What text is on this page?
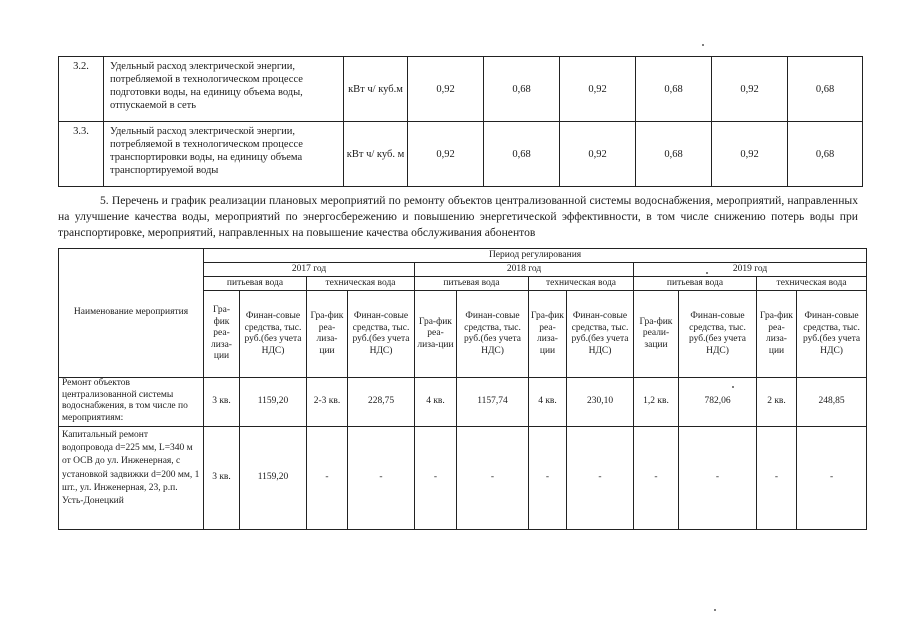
3.2.	Удельный расход электрической энергии, потребляемой в технологическом процессе подготовки воды, на единицу объема воды, отпускаемой в сеть	кВт ч/ куб.м	0,92	0,68	0,92	0,68	0,92	0,68
3.3.	Удельный расход электрической энергии, потребляемой в технологическом процессе транспортировки воды, на единицу объема транспортируемой воды	кВт ч/ куб. м	0,92	0,68	0,92	0,68	0,92	0,68

5. Перечень и график реализации плановых мероприятий по ремонту объектов централизованной системы водоснабжения, мероприятий, направленных на улучшение качества воды, мероприятий по энергосбережению и повышению энергетической эффективности, в том числе снижению потерь воды при транспортировке, мероприятий, направленных на повышение качества обслуживания абонентов

Наименование мероприятия	Период регулирования											
	2017 год				2018 год				2019 год			
	питьевая вода		техническая вода		питьевая вода		техническая вода		питьевая вода		техническая вода	
	Гра-фик реа-лиза-ции	Финан-совые средства, тыс. руб.(без учета НДС)	Гра-фик реа-лиза-ции	Финан-совые средства, тыс. руб.(без учета НДС)	Гра-фик реа-лиза-ции	Финан-совые средства, тыс. руб.(без учета НДС)	Гра-фик реа-лиза-ции	Финан-совые средства, тыс. руб.(без учета НДС)	Гра-фик реали-зации	Финан-совые средства, тыс. руб.(без учета НДС)	Гра-фик реа-лиза-ции	Финан-совые средства, тыс. руб.(без учета НДС)
Ремонт объектов централизованной системы водоснабжения, в том числе по мероприятиям:	3 кв.	1159,20	2-3 кв.	228,75	4 кв.	1157,74	4 кв.	230,10	1,2 кв.	782,06	2 кв.	248,85
Капитальный ремонт водопровода d=225 мм, L=340 м от ОСВ до ул. Инженерная, с установкой задвижки d=200 мм, 1 шт., ул. Инженерная, 23, р.п. Усть-Донецкий	3 кв.	1159,20	-	-	-	-	-	-	-	-	-	-
